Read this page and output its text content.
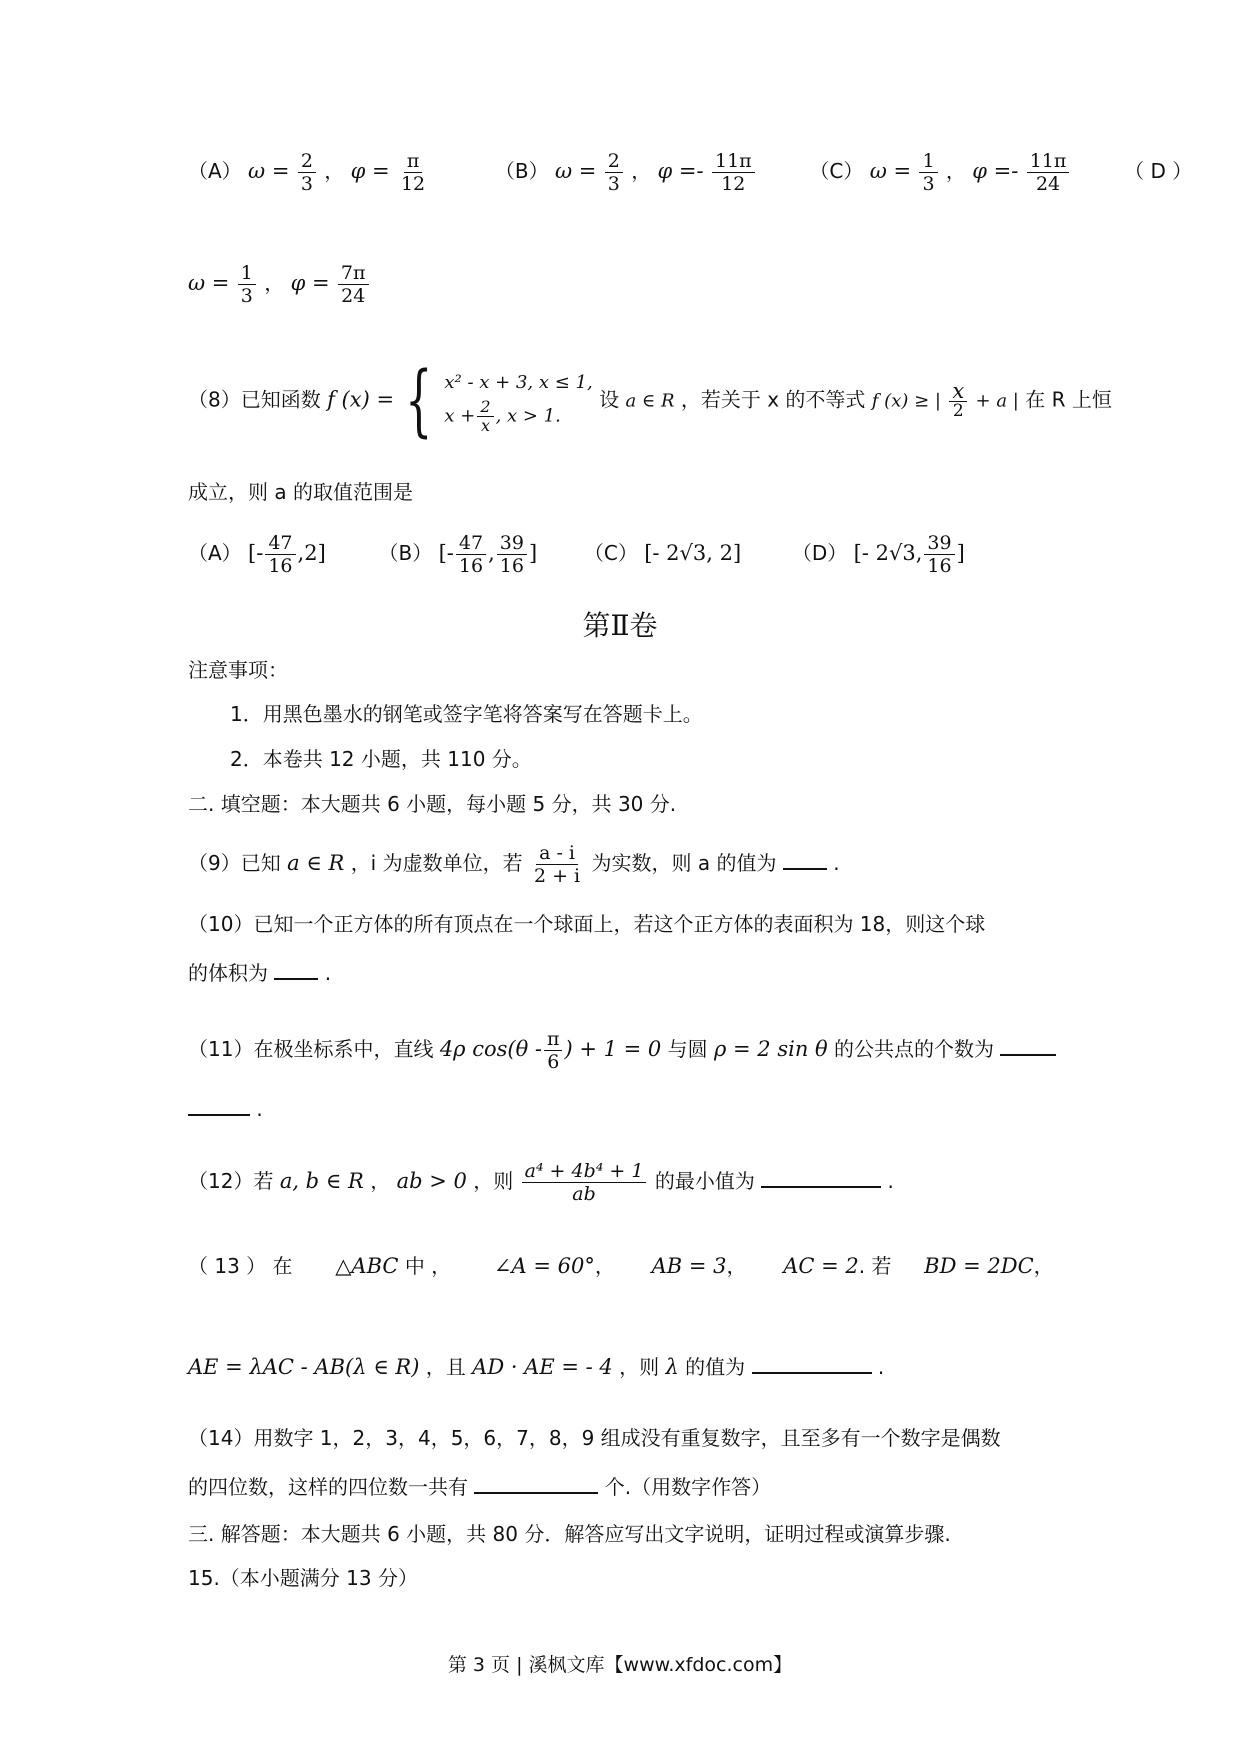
（A） $\omega = \frac{2}{3}$ ， $\varphi = \frac{\pi}{12}$	（B） $\omega = \frac{2}{3}$ ， $\varphi =- \frac{11\pi}{12}$	（C） $\omega = \frac{1}{3}$ ， $\varphi =- \frac{11\pi}{24}$	（ D ）
$\omega = \frac{1}{3}$ ， $\varphi = \frac{7\pi}{24}$
（8）已知函数 f (x) = { x² - x + 3, x ≤ 1,
$x + \frac{2}{x}$ , x > 1.
设 a ∈ R ，若关于 x 的不等式 f (x) ≥ | $\frac{x}{2} + a$ | 在 R 上恒
成立，则 a 的取值范围是
（A） [- $\frac{47}{16} ,2$]	（B） [- $\frac{47}{16}$ , $\frac{39}{16}$ ] （C） [- 2√3, 2]	（D） [- 2√3, $\frac{39}{16}$ ]
第Ⅱ卷
注意事项：
1．用黑色墨水的钢笔或签字笔将答案写在答题卡上。
2．本卷共 12 小题，共 110 分。
二. 填空题：本大题共 6 小题，每小题 5 分，共 30 分.
（9）已知 a ∈ R ，i 为虚数单位，若 $\frac{a - i}{2 + i}$ 为实数，则 a 的值为	.
（10）已知一个正方体的所有顶点在一个球面上，若这个正方体的表面积为 18，则这个球
的体积为	.
（11）在极坐标系中，直线 4ρ $\cos(\theta - \frac{\pi}{6}$ ) + 1 = 0 与圆 ρ = 2 sin θ 的公共点的个数为
.
（12）若 a, b ∈ R ， ab > 0 ，则 $\frac{\text{a⁴ + 4b⁴ + 1}}{ab}$ 的最小值为	.
（ 13 ） 在 △ABC 中 ， ∠A = 60°， AB = 3， AC = 2. 若 BD = 2DC，
AE = λAC - AB(λ ∈ R) ，且 AD · AE = - 4 ，则 λ 的值为	.
（14）用数字 1，2，3，4，5，6，7，8，9 组成没有重复数字，且至多有一个数字是偶数
的四位数，这样的四位数一共有	个.（用数字作答）
三. 解答题：本大题共 6 小题，共 80 分．解答应写出文字说明，证明过程或演算步骤.
15.（本小题满分 13 分）
第 3 页 | 溪枫文库【www.xfdoc.com】
